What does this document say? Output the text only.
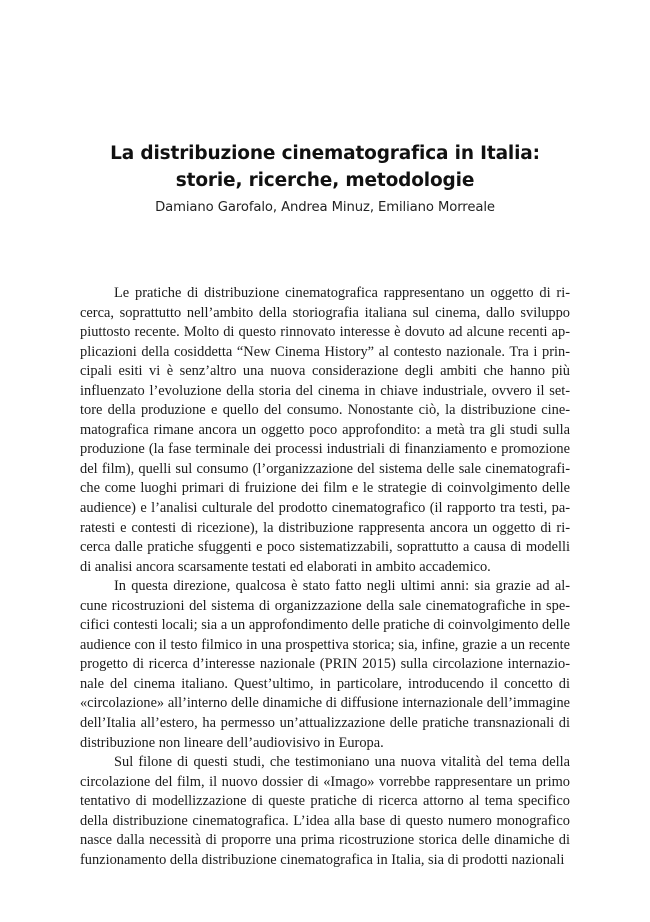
La distribuzione cinematografica in Italia:
storie, ricerche, metodologie
Damiano Garofalo, Andrea Minuz, Emiliano Morreale
Le pratiche di distribuzione cinematografica rappresentano un oggetto di ri-
cerca, soprattutto nell’ambito della storiografia italiana sul cinema, dallo sviluppo
piuttosto recente. Molto di questo rinnovato interesse è dovuto ad alcune recenti ap-
plicazioni della cosiddetta “New Cinema History” al contesto nazionale. Tra i prin-
cipali esiti vi è senz’altro una nuova considerazione degli ambiti che hanno più
influenzato l’evoluzione della storia del cinema in chiave industriale, ovvero il set-
tore della produzione e quello del consumo. Nonostante ciò, la distribuzione cine-
matografica rimane ancora un oggetto poco approfondito: a metà tra gli studi sulla
produzione (la fase terminale dei processi industriali di finanziamento e promozione
del film), quelli sul consumo (l’organizzazione del sistema delle sale cinematografi-
che come luoghi primari di fruizione dei film e le strategie di coinvolgimento delle
audience) e l’analisi culturale del prodotto cinematografico (il rapporto tra testi, pa-
ratesti e contesti di ricezione), la distribuzione rappresenta ancora un oggetto di ri-
cerca dalle pratiche sfuggenti e poco sistematizzabili, soprattutto a causa di modelli
di analisi ancora scarsamente testati ed elaborati in ambito accademico.
In questa direzione, qualcosa è stato fatto negli ultimi anni: sia grazie ad al-
cune ricostruzioni del sistema di organizzazione della sale cinematografiche in spe-
cifici contesti locali; sia a un approfondimento delle pratiche di coinvolgimento delle
audience con il testo filmico in una prospettiva storica; sia, infine, grazie a un recente
progetto di ricerca d’interesse nazionale (PRIN 2015) sulla circolazione internazio-
nale del cinema italiano. Quest’ultimo, in particolare, introducendo il concetto di
«circolazione» all’interno delle dinamiche di diffusione internazionale dell’immagine
dell’Italia all’estero, ha permesso un’attualizzazione delle pratiche transnazionali di
distribuzione non lineare dell’audiovisivo in Europa.
Sul filone di questi studi, che testimoniano una nuova vitalità del tema della
circolazione del film, il nuovo dossier di «Imago» vorrebbe rappresentare un primo
tentativo di modellizzazione di queste pratiche di ricerca attorno al tema specifico
della distribuzione cinematografica. L’idea alla base di questo numero monografico
nasce dalla necessità di proporre una prima ricostruzione storica delle dinamiche di
funzionamento della distribuzione cinematografica in Italia, sia di prodotti nazionali
